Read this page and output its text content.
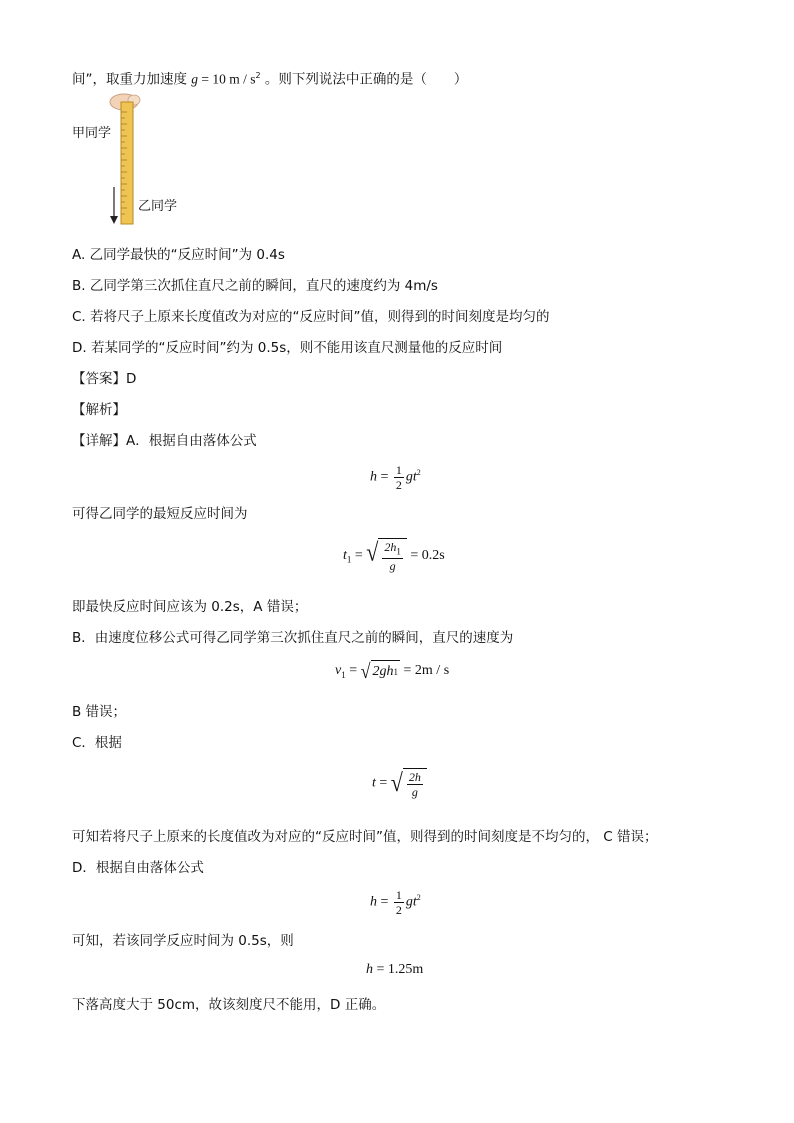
间”，取重力加速度 g = 10 m / $s^2$ 。则下列说法中正确的是（　　）
甲同学
乙同学
A. 乙同学最快的“反应时间”为 0.4s
B. 乙同学第三次抓住直尺之前的瞬间，直尺的速度约为 4m/s
C. 若将尺子上原来长度值改为对应的“反应时间”值，则得到的时间刻度是均匀的
D. 若某同学的“反应时间”约为 0.5s，则不能用该直尺测量他的反应时间
【答案】D
【解析】
【详解】A．根据自由落体公式
$h = \frac{1}{2} gt^2$
可得乙同学的最短反应时间为
$t_1$ = √ $\frac{2h_1}{g} = 0.2s$
即最快反应时间应该为 0.2s，A 错误；
B．由速度位移公式可得乙同学第三次抓住直尺之前的瞬间，直尺的速度为
$v_1$ = √ 2gh 1 = 2m / s
B 错误；
C．根据
t = √ $\frac{2h}{g}$
可知若将尺子上原来的长度值改为对应的“反应时间”值，则得到的时间刻度是不均匀的， C 错误；
D．根据自由落体公式
$h = \frac{1}{2} gt^2$
可知，若该同学反应时间为 0.5s，则
h = 1.25m
下落高度大于 50cm，故该刻度尺不能用，D 正确。
